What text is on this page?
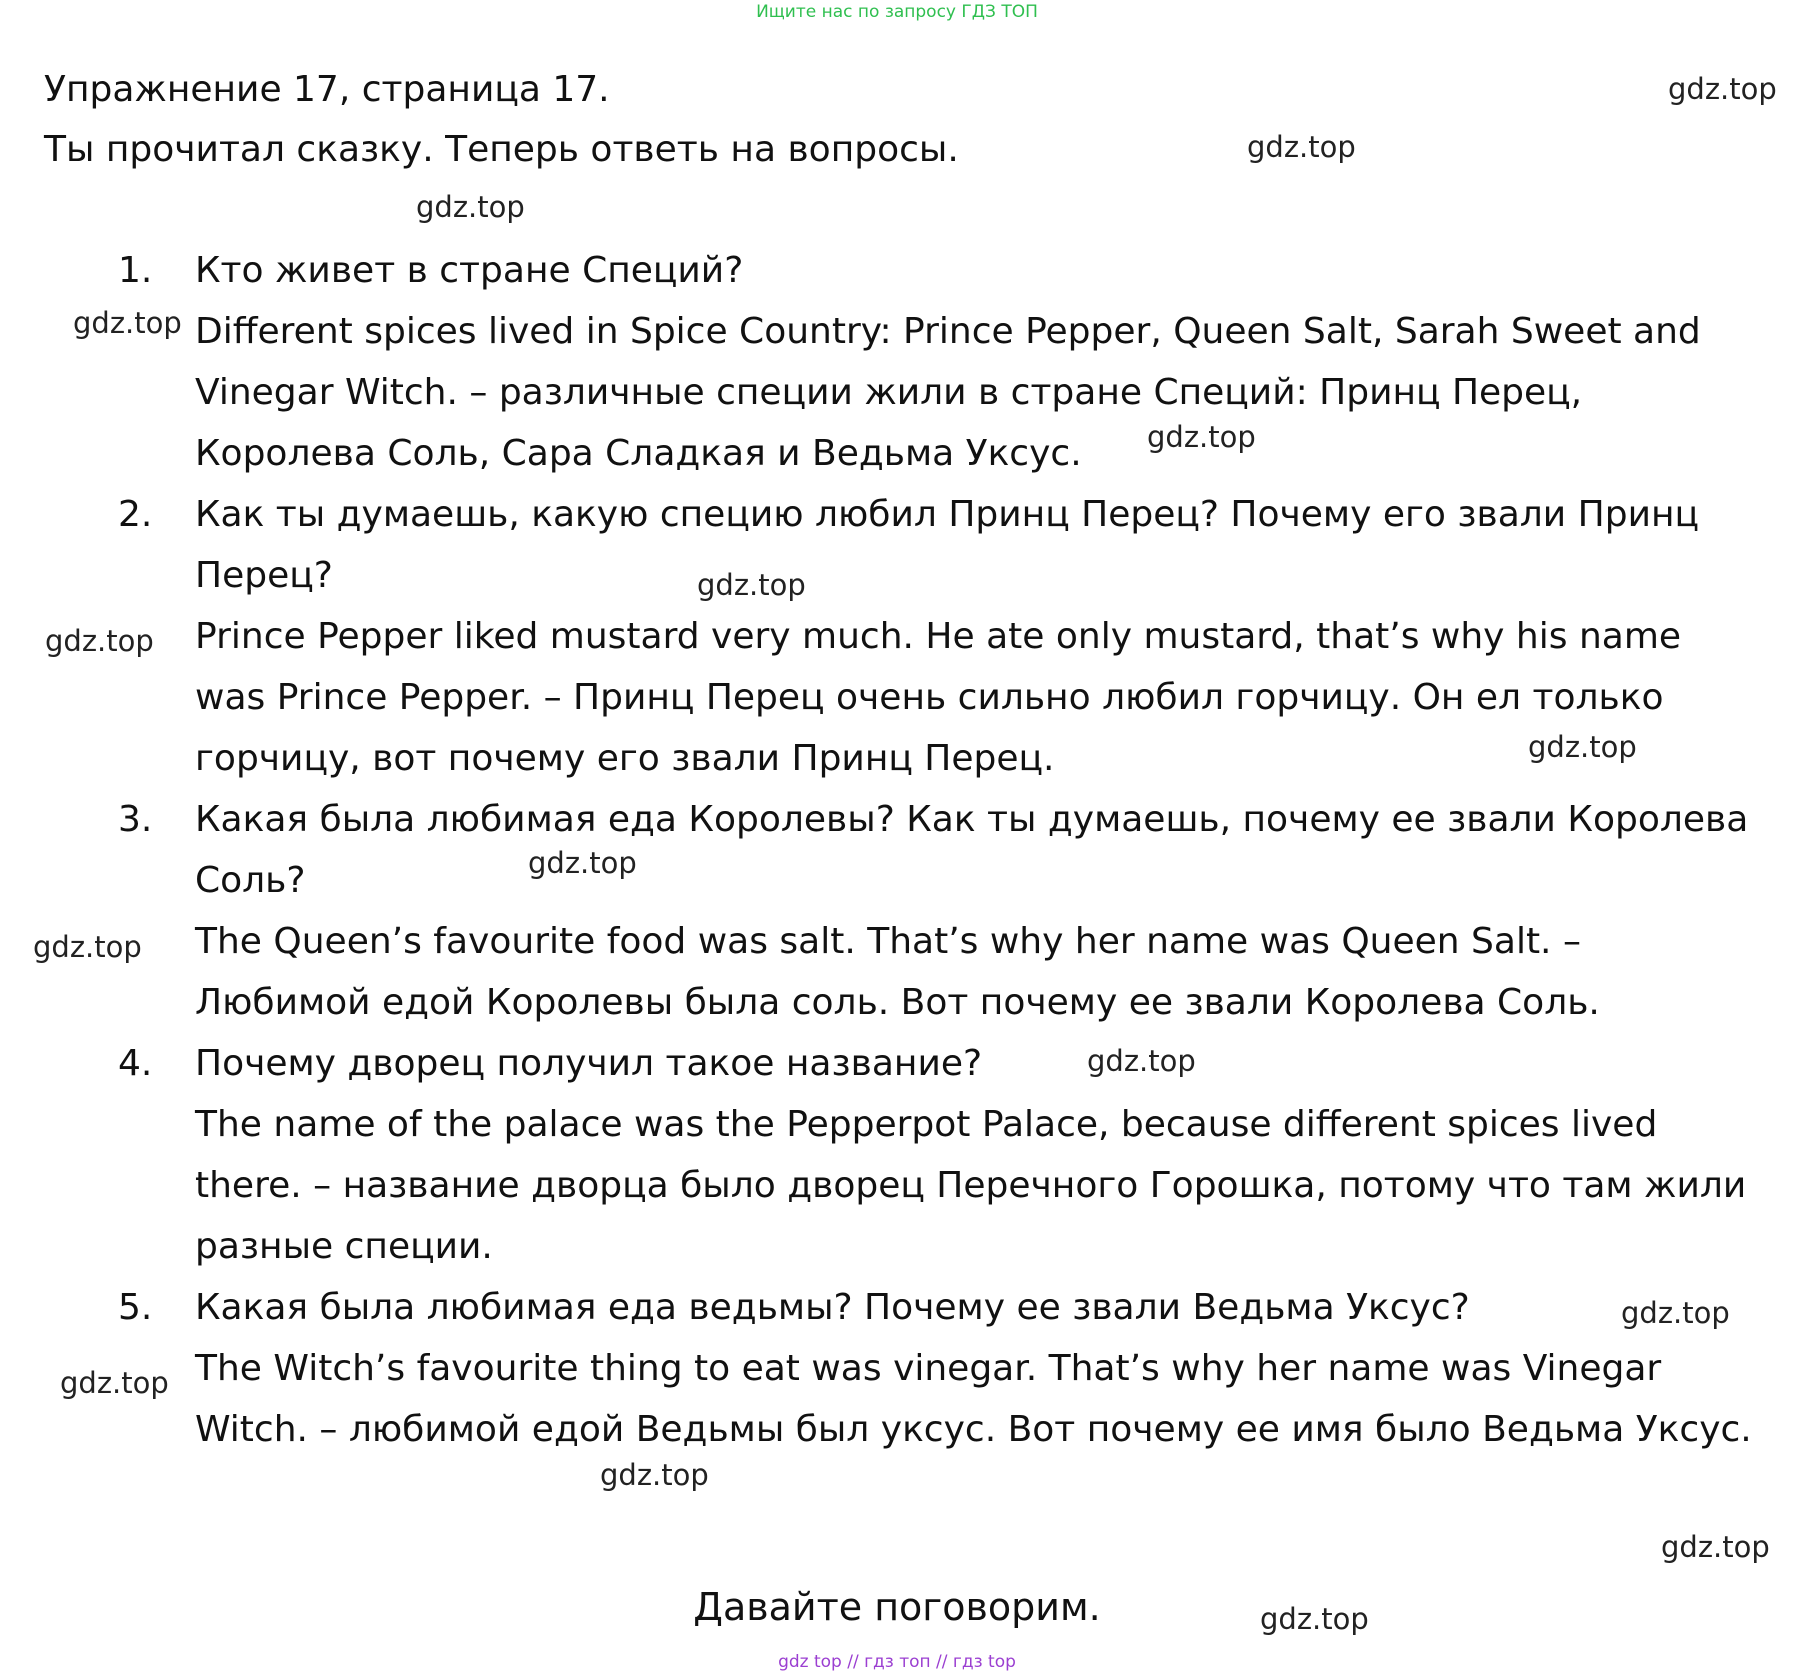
Ищите нас по запросу ГДЗ ТОП
Упражнение 17, страница 17.
Ты прочитал сказку. Теперь ответь на вопросы.
1.	Кто живет в стране Специй?
Different spices lived in Spice Country: Prince Pepper, Queen Salt, Sarah Sweet and Vinegar Witch. – различные специи жили в стране Специй: Принц Перец, Королева Соль, Сара Сладкая и Ведьма Уксус.
2.	Как ты думаешь, какую специю любил Принц Перец? Почему его звали Принц Перец?
Prince Pepper liked mustard very much. He ate only mustard, that’s why his name was Prince Pepper. – Принц Перец очень сильно любил горчицу. Он ел только горчицу, вот почему его звали Принц Перец.
3.	Какая была любимая еда Королевы? Как ты думаешь, почему ее звали Королева Соль?
The Queen’s favourite food was salt. That’s why her name was Queen Salt. – Любимой едой Королевы была соль. Вот почему ее звали Королева Соль.
4.	Почему дворец получил такое название?
The name of the palace was the Pepperpot Palace, because different spices lived there. – название дворца было дворец Перечного Горошка, потому что там жили разные специи.
5.	Какая была любимая еда ведьмы? Почему ее звали Ведьма Уксус?
The Witch’s favourite thing to eat was vinegar. That’s why her name was Vinegar Witch. – любимой едой Ведьмы был уксус. Вот почему ее имя было Ведьма Уксус.
Давайте поговорим.
gdz.top
gdz.top
gdz.top
gdz.top
gdz.top
gdz.top
gdz.top
gdz.top
gdz.top
gdz.top
gdz.top
gdz.top
gdz.top
gdz.top
gdz.top
gdz.top
gdz top // гдз топ // гдз top
